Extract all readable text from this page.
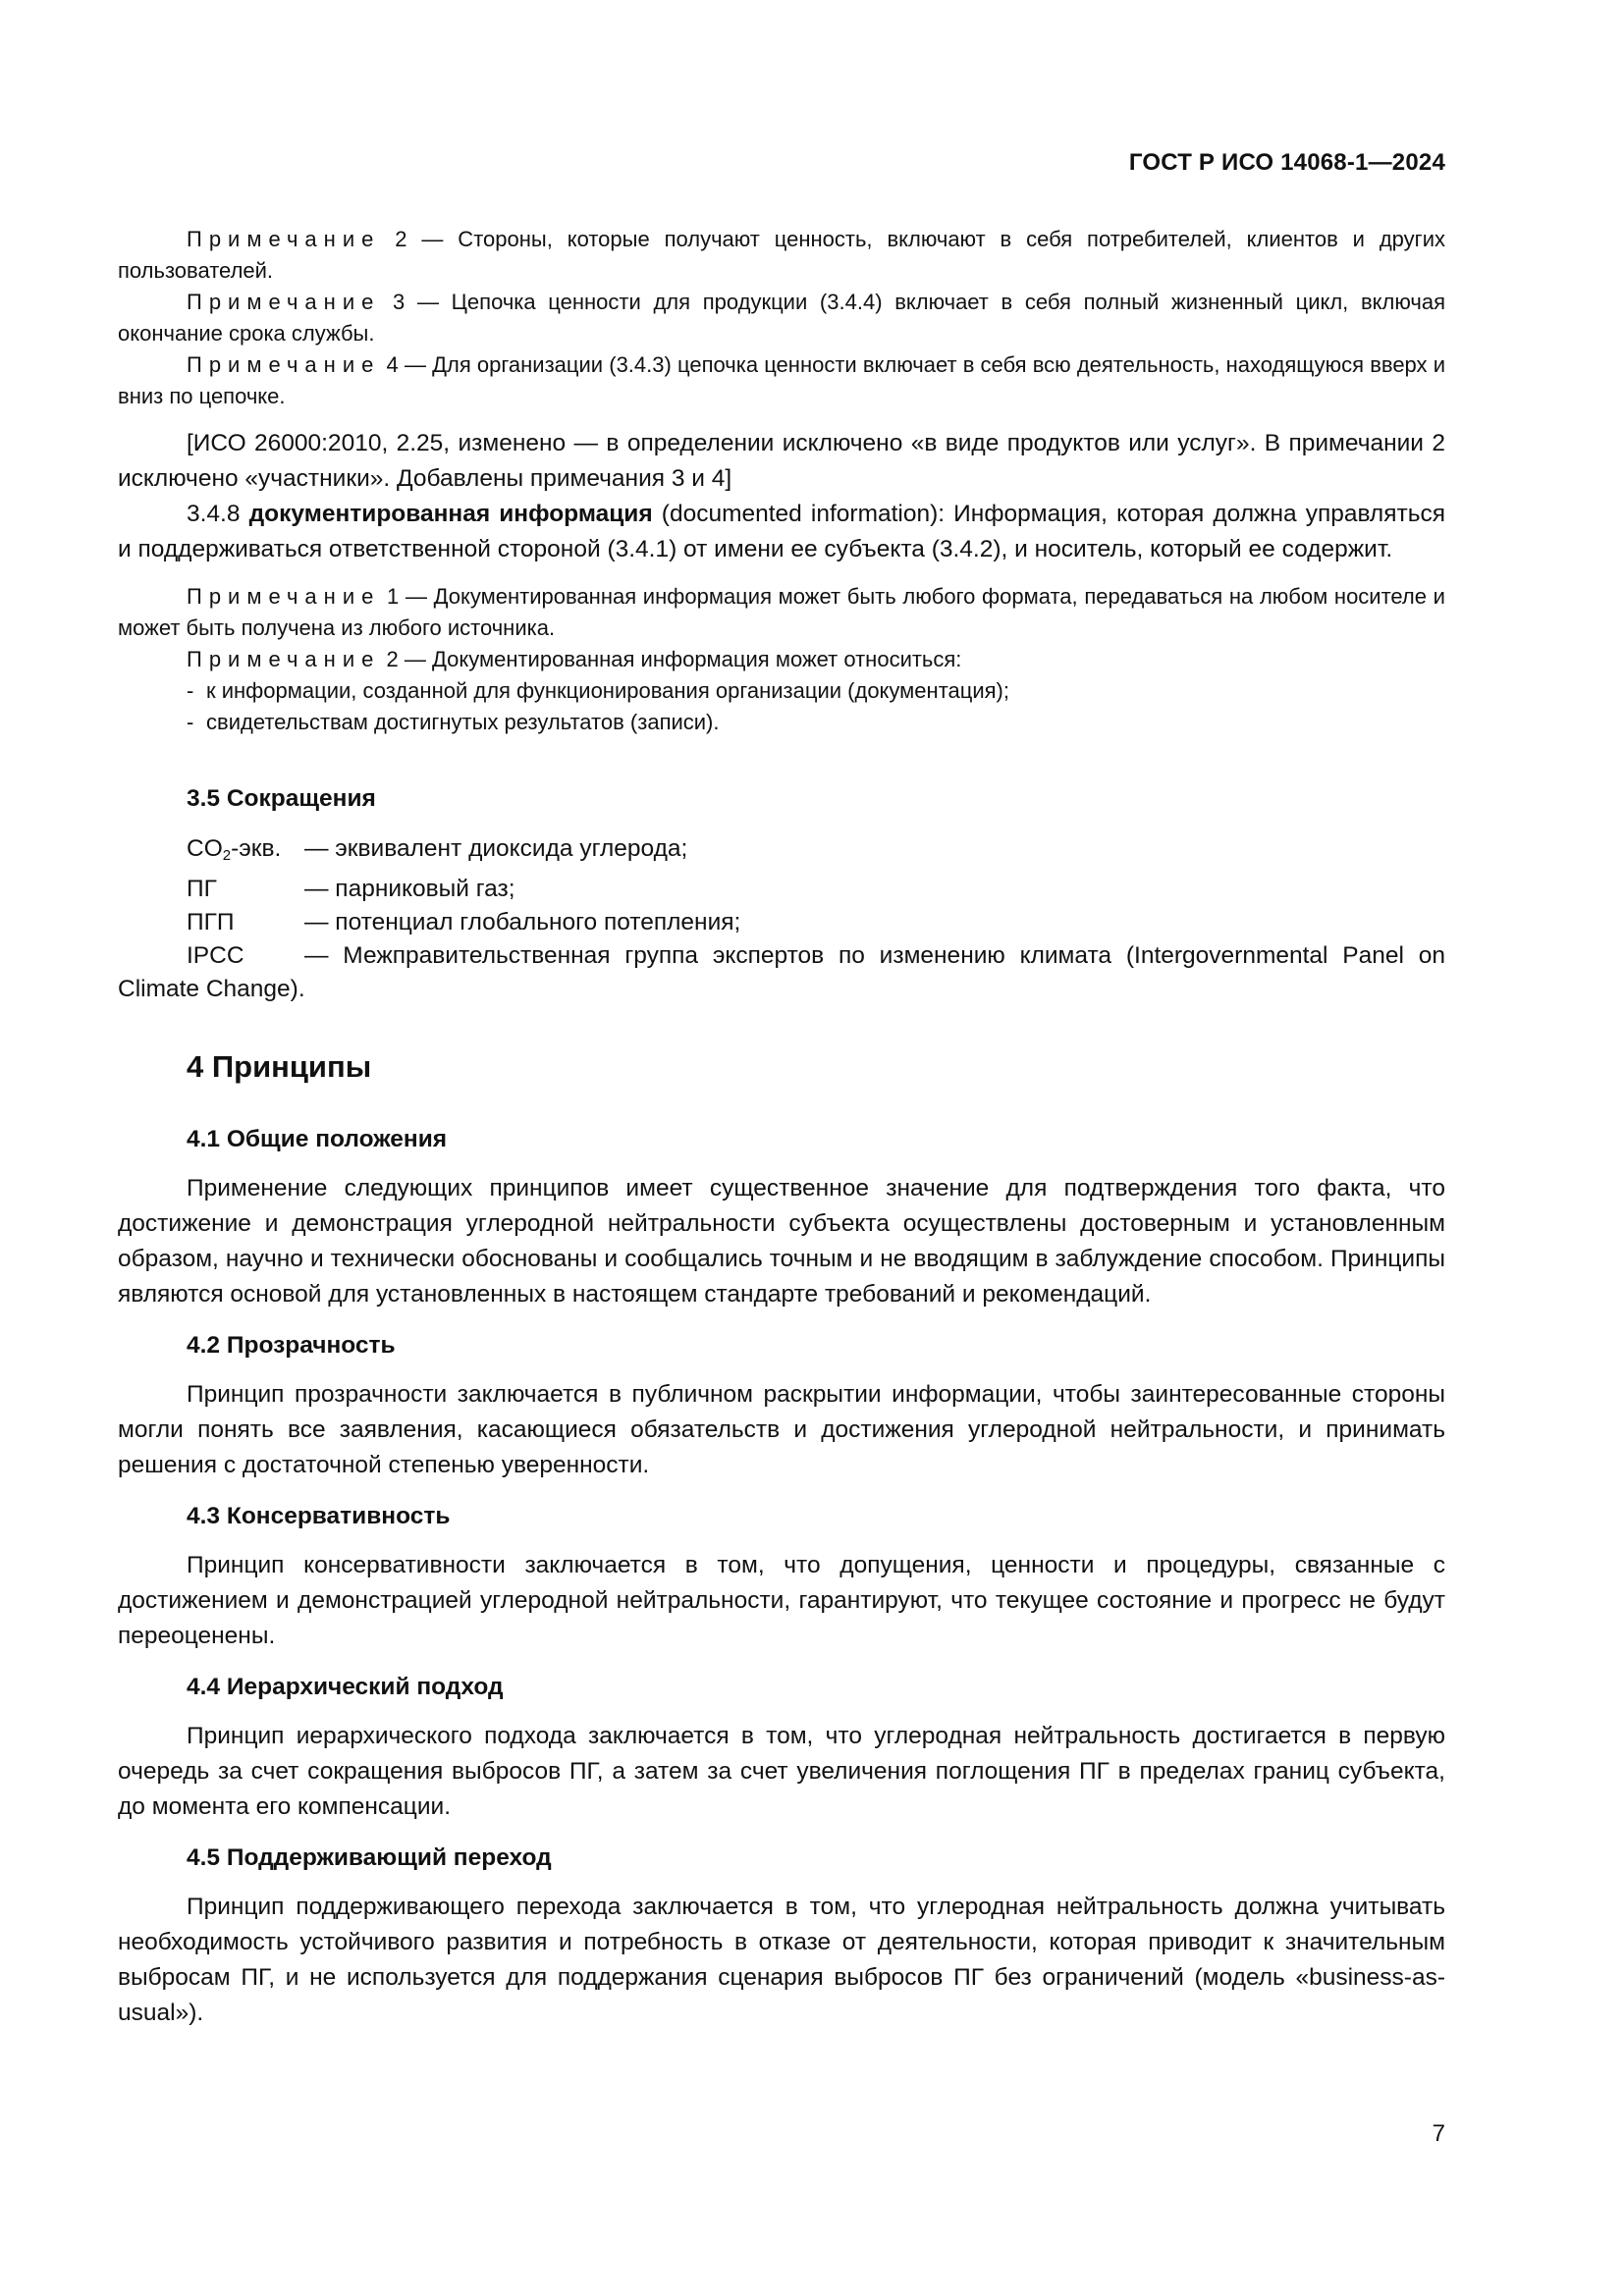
ГОСТ Р ИСО 14068-1—2024

Примечание 2 — Стороны, которые получают ценность, включают в себя потребителей, клиентов и других пользователей.

Примечание 3 — Цепочка ценности для продукции (3.4.4) включает в себя полный жизненный цикл, включая окончание срока службы.

Примечание 4 — Для организации (3.4.3) цепочка ценности включает в себя всю деятельность, находящуюся вверх и вниз по цепочке.

[ИСО 26000:2010, 2.25, изменено — в определении исключено «в виде продуктов или услуг». В примечании 2 исключено «участники». Добавлены примечания 3 и 4]

3.4.8 документированная информация (documented information): Информация, которая должна управляться и поддерживаться ответственной стороной (3.4.1) от имени ее субъекта (3.4.2), и носитель, который ее содержит.

Примечание 1 — Документированная информация может быть любого формата, передаваться на любом носителе и может быть получена из любого источника.

Примечание 2 — Документированная информация может относиться:

- к информации, созданной для функционирования организации (документация);

- свидетельствам достигнутых результатов (записи).

3.5 Сокращения
$CO_2$-экв. — эквивалент диоксида углерода;
ПГ	— парниковый газ;
ПГП	— потенциал глобального потепления;

IPCC	— Межправительственная группа экспертов по изменению климата (Intergovernmental Panel on Climate Change).

4 Принципы
4.1 Общие положения

Применение следующих принципов имеет существенное значение для подтверждения того факта, что достижение и демонстрация углеродной нейтральности субъекта осуществлены достоверным и установленным образом, научно и технически обоснованы и сообщались точным и не вводящим в заблуждение способом. Принципы являются основой для установленных в настоящем стандарте требований и рекомендаций.

4.2 Прозрачность

Принцип прозрачности заключается в публичном раскрытии информации, чтобы заинтересованные стороны могли понять все заявления, касающиеся обязательств и достижения углеродной нейтральности, и принимать решения с достаточной степенью уверенности.

4.3 Консервативность

Принцип консервативности заключается в том, что допущения, ценности и процедуры, связанные с достижением и демонстрацией углеродной нейтральности, гарантируют, что текущее состояние и прогресс не будут переоценены.

4.4 Иерархический подход

Принцип иерархического подхода заключается в том, что углеродная нейтральность достигается в первую очередь за счет сокращения выбросов ПГ, а затем за счет увеличения поглощения ПГ в пределах границ субъекта, до момента его компенсации.

4.5 Поддерживающий переход

Принцип поддерживающего перехода заключается в том, что углеродная нейтральность должна учитывать необходимость устойчивого развития и потребность в отказе от деятельности, которая приводит к значительным выбросам ПГ, и не используется для поддержания сценария выбросов ПГ без ограничений (модель «business-as-usual»).

7
